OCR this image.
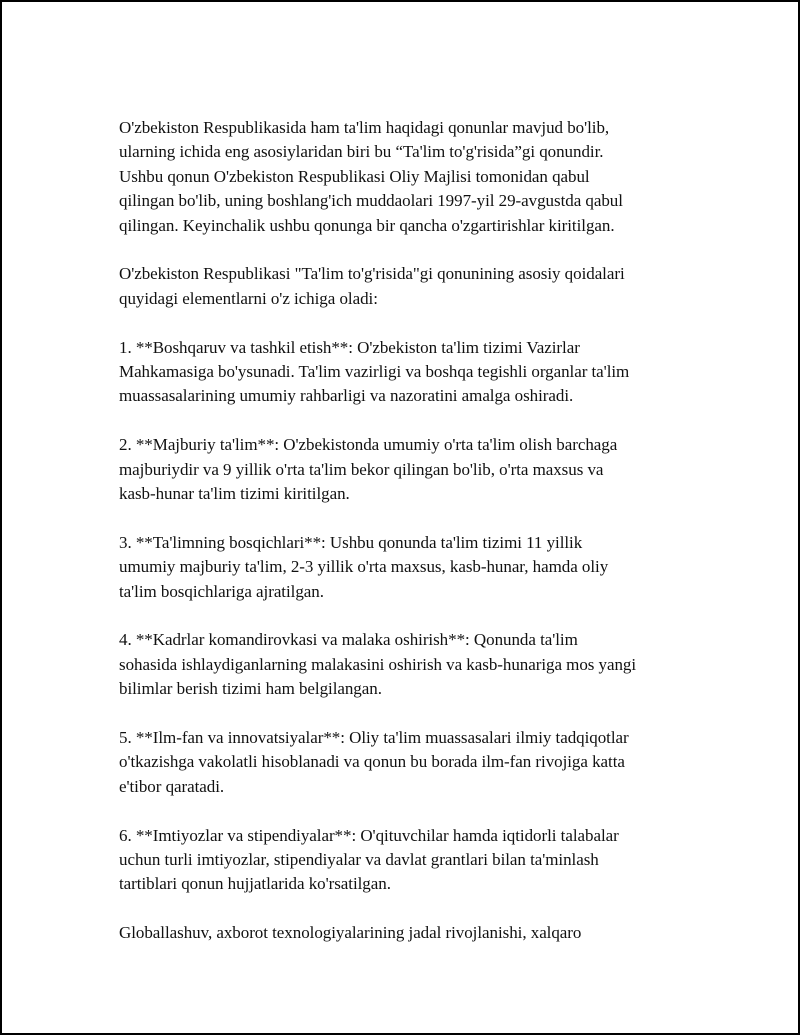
O'zbekiston Respublikasida ham ta'lim haqidagi qonunlar mavjud bo'lib,
ularning ichida eng asosiylaridan biri bu “Ta'lim to'g'risida”gi qonundir.
Ushbu qonun O'zbekiston Respublikasi Oliy Majlisi tomonidan qabul
qilingan bo'lib, uning boshlang'ich muddaolari 1997-yil 29-avgustda qabul
qilingan. Keyinchalik ushbu qonunga bir qancha o'zgartirishlar kiritilgan.

O'zbekiston Respublikasi "Ta'lim to'g'risida"gi qonunining asosiy qoidalari
quyidagi elementlarni o'z ichiga oladi:

1. **Boshqaruv va tashkil etish**: O'zbekiston ta'lim tizimi Vazirlar
Mahkamasiga bo'ysunadi. Ta'lim vazirligi va boshqa tegishli organlar ta'lim
muassasalarining umumiy rahbarligi va nazoratini amalga oshiradi.

2. **Majburiy ta'lim**: O'zbekistonda umumiy o'rta ta'lim olish barchaga
majburiydir va 9 yillik o'rta ta'lim bekor qilingan bo'lib, o'rta maxsus va
kasb-hunar ta'lim tizimi kiritilgan.

3. **Ta'limning bosqichlari**: Ushbu qonunda ta'lim tizimi 11 yillik
umumiy majburiy ta'lim, 2-3 yillik o'rta maxsus, kasb-hunar, hamda oliy
ta'lim bosqichlariga ajratilgan.

4. **Kadrlar komandirovkasi va malaka oshirish**: Qonunda ta'lim
sohasida ishlaydiganlarning malakasini oshirish va kasb-hunariga mos yangi
bilimlar berish tizimi ham belgilangan.

5. **Ilm-fan va innovatsiyalar**: Oliy ta'lim muassasalari ilmiy tadqiqotlar
o'tkazishga vakolatli hisoblanadi va qonun bu borada ilm-fan rivojiga katta
e'tibor qaratadi.

6. **Imtiyozlar va stipendiyalar**: O'qituvchilar hamda iqtidorli talabalar
uchun turli imtiyozlar, stipendiyalar va davlat grantlari bilan ta'minlash
tartiblari qonun hujjatlarida ko'rsatilgan.

Globallashuv, axborot texnologiyalarining jadal rivojlanishi, xalqaro
